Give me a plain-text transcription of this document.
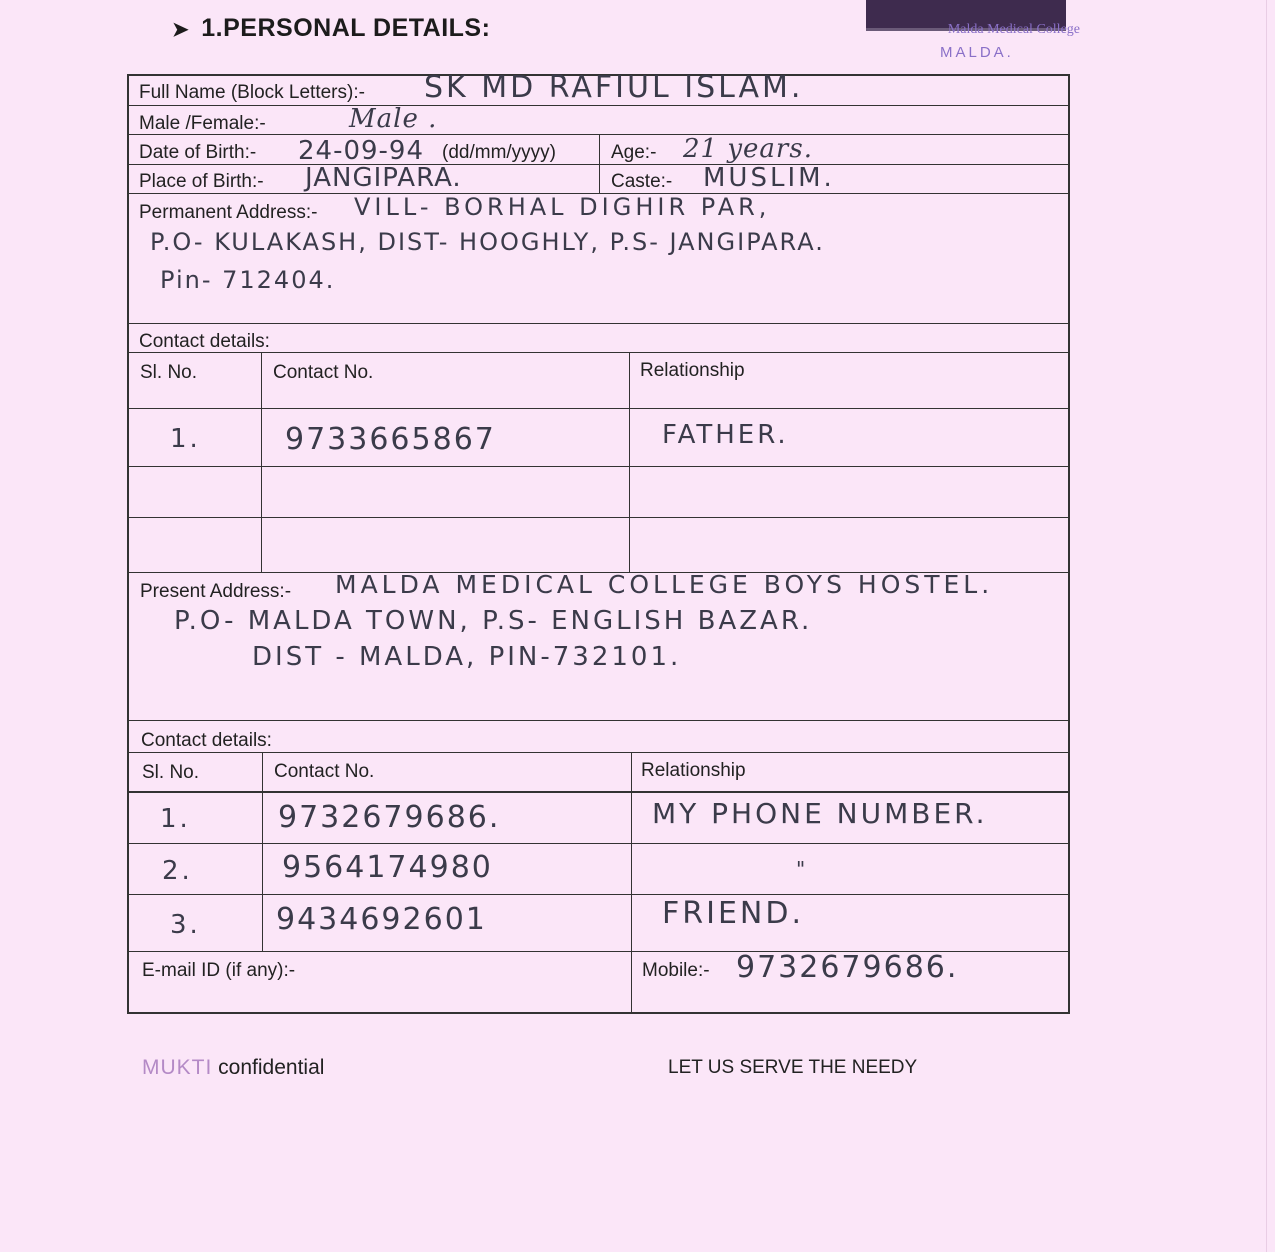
➤ 1.PERSONAL DETAILS:	Malda Medical College
MALDA.
Full Name (Block Letters):- SK MD RAFIUL ISLAM.
Male /Female:-	Male .
Date of Birth:- 24-09-94 (dd/mm/yyyy)	Age:- 21 years.
Place of Birth:- JANGIPARA.	Caste:- MUSLIM.
Permanent Address:- VILL- BORHAL DIGHIR PAR,
P.O- KULAKASH, DIST- HOOGHLY, P.S- JANGIPARA.
Pin- 712404.
Contact details:
Sl. No.	Contact No.	Relationship
1.	9733665867	FATHER.
Present Address:- MALDA MEDICAL COLLEGE BOYS HOSTEL.
P.O- MALDA TOWN, P.S- ENGLISH BAZAR.
DIST - MALDA, PIN-732101.
Contact details:
Sl. No.	Contact No.	Relationship
1.	9732679686.	MY PHONE NUMBER.
2.	9564174980	"
3.	9434692601	FRIEND.
E-mail ID (if any):-	Mobile:- 9732679686.
MUKTI confidential	LET US SERVE THE NEEDY
